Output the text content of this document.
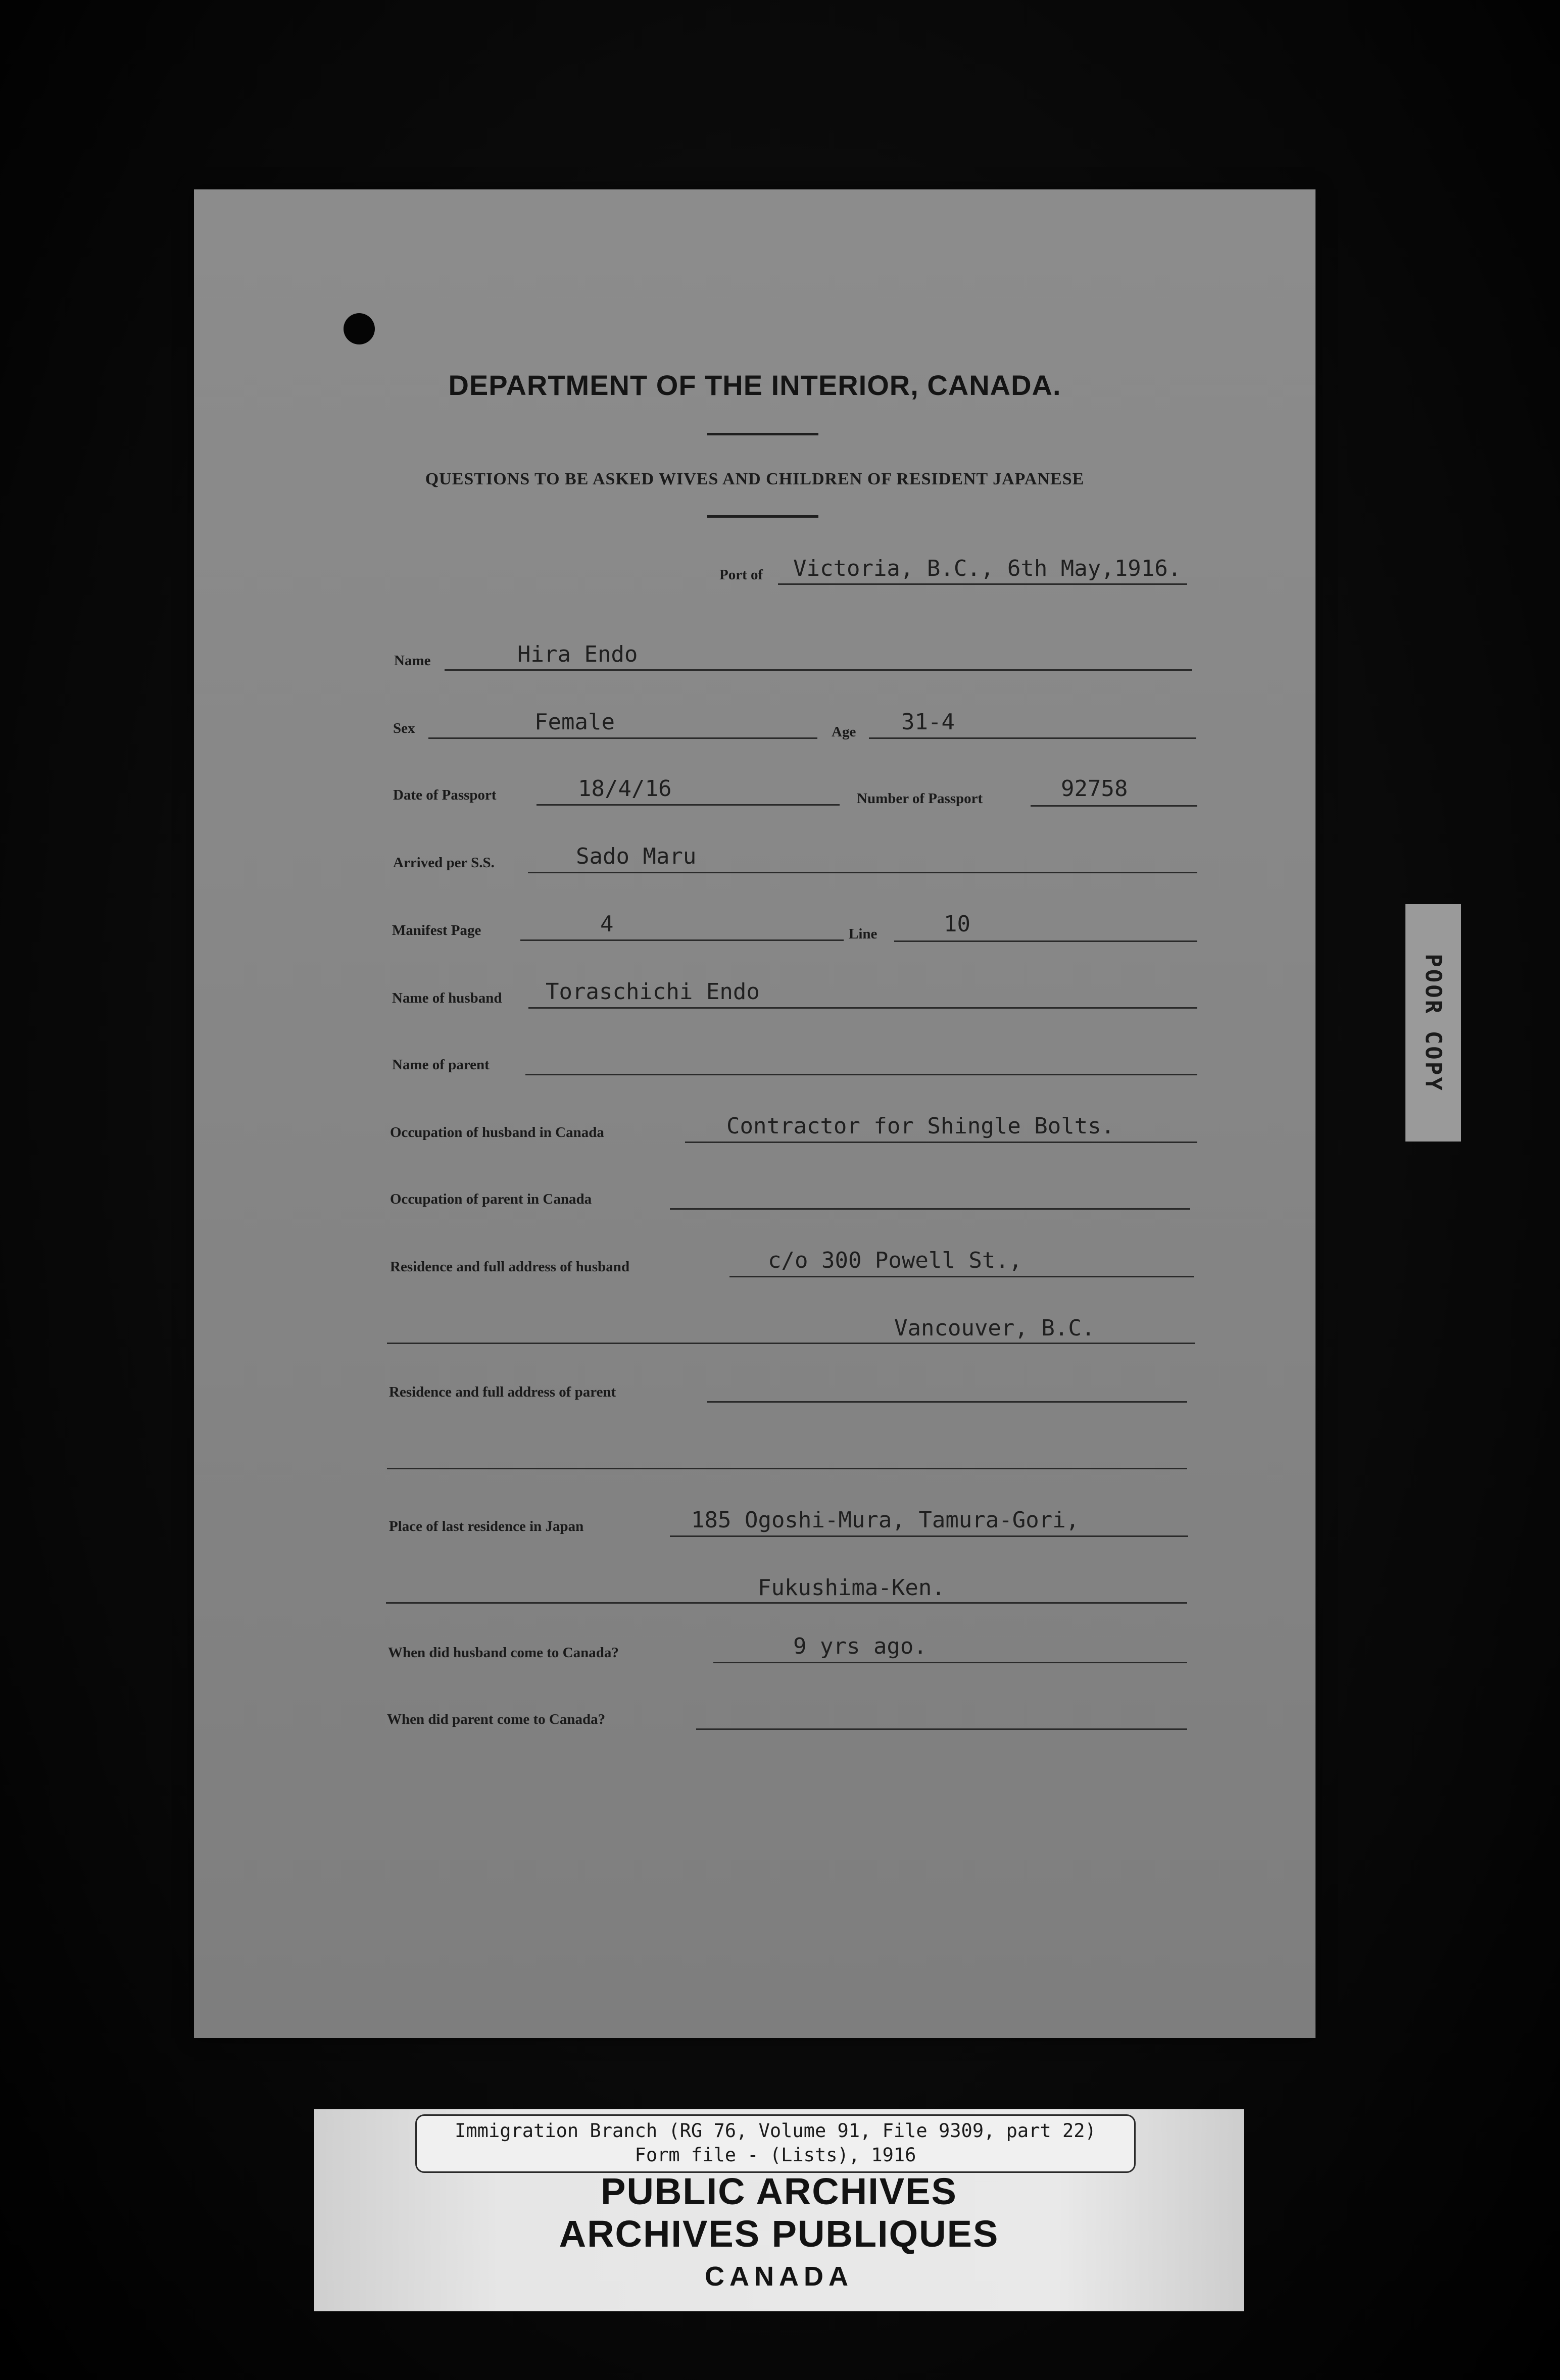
DEPARTMENT OF THE INTERIOR, CANADA.
QUESTIONS TO BE ASKED WIVES AND CHILDREN OF RESIDENT JAPANESE
Port of Victoria, B.C., 6th May,1916.
Name	Hira Endo
Sex	Female	Age 31-4
Date of Passport	18/4/16	Number of Passport	92758
Arrived per S.S.	Sado Maru
Manifest Page	4	Line	10
Name of husband Toraschichi Endo
Name of parent
Occupation of husband in Canada	Contractor for Shingle Bolts.
Occupation of parent in Canada
Residence and full address of husband	c/o 300 Powell St.,
Vancouver, B.C.
Residence and full address of parent
Place of last residence in Japan	185 Ogoshi-Mura, Tamura-Gori,
Fukushima-Ken.
When did husband come to Canada?	9 yrs ago.
When did parent come to Canada?
POOR COPY
Immigration Branch (RG 76, Volume 91, File 9309, part 22)
Form file - (Lists), 1916
PUBLIC ARCHIVES
ARCHIVES PUBLIQUES
CANADA
